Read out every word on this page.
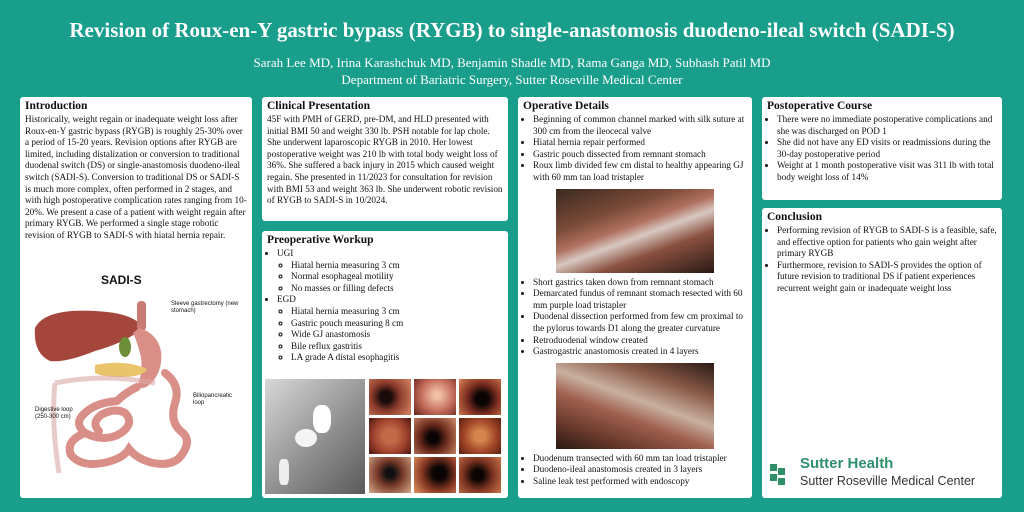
Revision of Roux-en-Y gastric bypass (RYGB) to single-anastomosis duodeno-ileal switch (SADI-S)
Sarah Lee MD, Irina Karashchuk MD, Benjamin Shadle MD, Rama Ganga MD, Subhash Patil MD
Department of Bariatric Surgery, Sutter Roseville Medical Center
Introduction

Historically, weight regain or inadequate weight loss after Roux-en-Y gastric bypass (RYGB) is roughly 25-30% over a period of 15-20 years. Revision options after RYGB are limited, including distalization or conversion to traditional duodenal switch (DS) or single-anastomosis duodeno-ileal switch (SADI-S). Conversion to traditional DS or SADI-S is much more complex, often performed in 2 stages, and with high postoperative complication rates ranging from 10-20%. We present a case of a patient with weight regain after primary RYGB. We performed a single stage robotic revision of RYGB to SADI-S with hiatal hernia repair.

SADI-S
Sleeve gastrectomy (new stomach)
Biliopancreatic loop
Digestive loop (250-300 cm)
Clinical Presentation

45F with PMH of GERD, pre-DM, and HLD presented with initial BMI 50 and weight 330 lb. PSH notable for lap chole. She underwent laparoscopic RYGB in 2010. Her lowest postoperative weight was 210 lb with total body weight loss of 36%. She suffered a back injury in 2015 which caused weight regain. She presented in 11/2023 for consultation for revision with BMI 53 and weight 363 lb. She underwent robotic revision of RYGB to SADI-S in 10/2024.

Preoperative Workup
• UGI
◦ Hiatal hernia measuring 3 cm
◦ Normal esophageal motility
◦ No masses or filling defects
• EGD
◦ Hiatal hernia measuring 3 cm
◦ Gastric pouch measuring 8 cm
◦ Wide GJ anastomosis
◦ Bile reflux gastritis
◦ LA grade A distal esophagitis
Operative Details
• Beginning of common channel marked with silk suture at 300 cm from the ileocecal valve
• Hiatal hernia repair performed
• Gastric pouch dissected from remnant stomach
• Roux limb divided few cm distal to healthy appearing GJ with 60 mm tan load tristapler
• Short gastrics taken down from remnant stomach
• Demarcated fundus of remnant stomach resected with 60 mm purple load tristapler
• Duodenal dissection performed from few cm proximal to the pylorus towards D1 along the greater curvature
• Retroduodenal window created
• Gastrogastric anastomosis created in 4 layers
• Duodenum transected with 60 mm tan load tristapler
• Duodeno-ileal anastomosis created in 3 layers
• Saline leak test performed with endoscopy
Postoperative Course
• There were no immediate postoperative complications and she was discharged on POD 1
• She did not have any ED visits or readmissions during the 30-day postoperative period
• Weight at 1 month postoperative visit was 311 lb with total body weight loss of 14%
Conclusion
• Performing revision of RYGB to SADI-S is a feasible, safe, and effective option for patients who gain weight after primary RYGB
• Furthermore, revision to SADI-S provides the option of future revision to traditional DS if patient experiences recurrent weight gain or inadequate weight loss
Sutter Health
Sutter Roseville Medical Center
